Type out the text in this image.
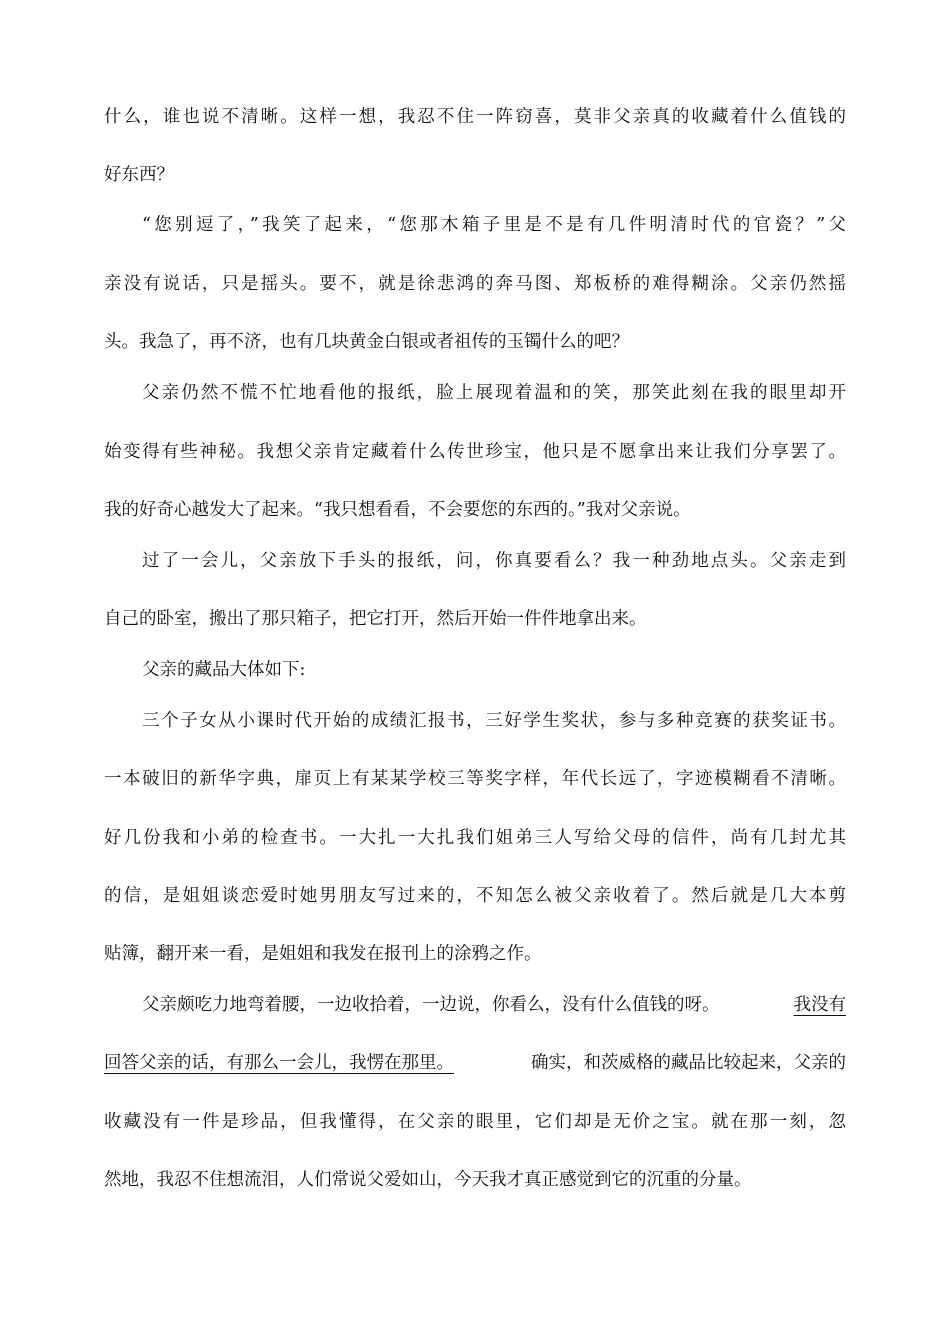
什么，谁也说不清晰。这样一想，我忍不住一阵窃喜，莫非父亲真的收藏着什么值钱的
好东西？
“您别逗了，”我笑了起来，“您那木箱子里是不是有几件明清时代的官瓷？”父
亲没有说话，只是摇头。要不，就是徐悲鸿的奔马图、郑板桥的难得糊涂。父亲仍然摇
头。我急了，再不济，也有几块黄金白银或者祖传的玉镯什么的吧？
父亲仍然不慌不忙地看他的报纸，脸上展现着温和的笑，那笑此刻在我的眼里却开
始变得有些神秘。我想父亲肯定藏着什么传世珍宝，他只是不愿拿出来让我们分享罢了。
我的好奇心越发大了起来。“我只想看看，不会要您的东西的。”我对父亲说。
过了一会儿，父亲放下手头的报纸，问，你真要看么？我一种劲地点头。父亲走到
自己的卧室，搬出了那只箱子，把它打开，然后开始一件件地拿出来。
父亲的藏品大体如下:
三个子女从小课时代开始的成绩汇报书，三好学生奖状，参与多种竞赛的获奖证书。
一本破旧的新华字典，扉页上有某某学校三等奖字样，年代长远了，字迹模糊看不清晰。
好几份我和小弟的检查书。一大扎一大扎我们姐弟三人写给父母的信件，尚有几封尤其
的信，是姐姐谈恋爱时她男朋友写过来的，不知怎么被父亲收着了。然后就是几大本剪
贴簿，翻开来一看，是姐姐和我发在报刊上的涂鸦之作。
父亲颇吃力地弯着腰，一边收拾着，一边说，你看么，没有什么值钱的呀。	我没有
回答父亲的话，有那么一会儿，我愣在那里。	确实，和茨威格的藏品比较起来，父亲的
收藏没有一件是珍品，但我懂得，在父亲的眼里，它们却是无价之宝。就在那一刻，忽
然地，我忍不住想流泪，人们常说父爱如山，今天我才真正感觉到它的沉重的分量。
